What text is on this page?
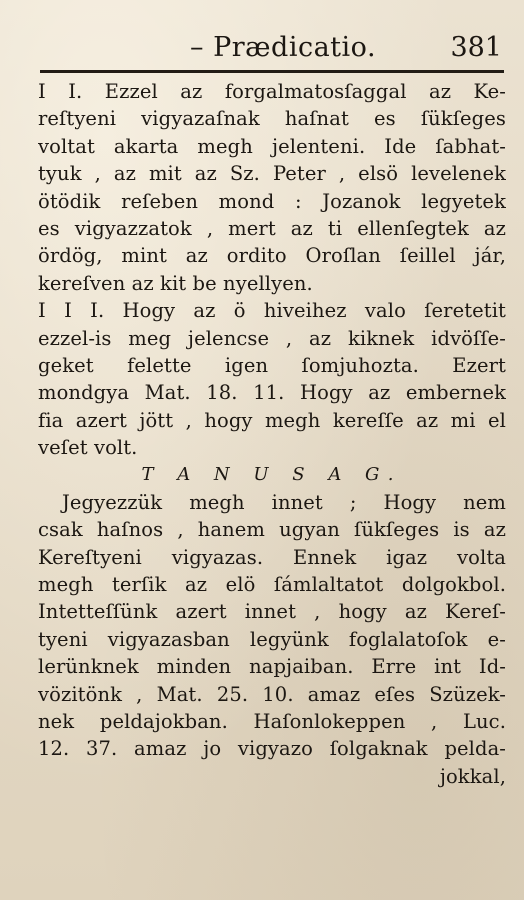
– Prædicatio.	381
I I. Ezzel az forgalmatosſaggal az Ke-
reſtyeni vigyazaſnak haſnat es ſükſeges
voltat akarta megh jelenteni. Ide ſabhat-
tyuk , az mit az Sz. Peter , elsö levelenek
ötödik reſeben mond : Jozanok legyetek
es vigyazzatok , mert az ti ellenſegtek az
ördög, mint az ordito Oroſlan ſeillel jár,
kereſven az kit be nyellyen.
I I I. Hogy az ö hiveihez valo ſeretetit
ezzel-is meg jelencse , az kiknek idvöſſe-
geket felette igen ſomjuhozta. Ezert
mondgya Mat. 18. 11. Hogy az embernek
fia azert jött , hogy megh kereſſe az mi el
veſet volt.
T A N U S A G.
Jegyezzük megh innet ; Hogy nem
csak haſnos , hanem ugyan ſükſeges is az
Kereſtyeni vigyazas. Ennek igaz volta
megh terſik az elö ſámlaltatot dolgokbol.
Intetteſſünk azert innet , hogy az Kereſ-
tyeni vigyazasban legyünk foglalatoſok e-
lerünknek minden napjaiban. Erre int Id-
vözitönk , Mat. 25. 10. amaz eſes Szüzek-
nek peldajokban. Haſonlokeppen , Luc.
12. 37. amaz jo vigyazo ſolgaknak pelda-
jokkal,
